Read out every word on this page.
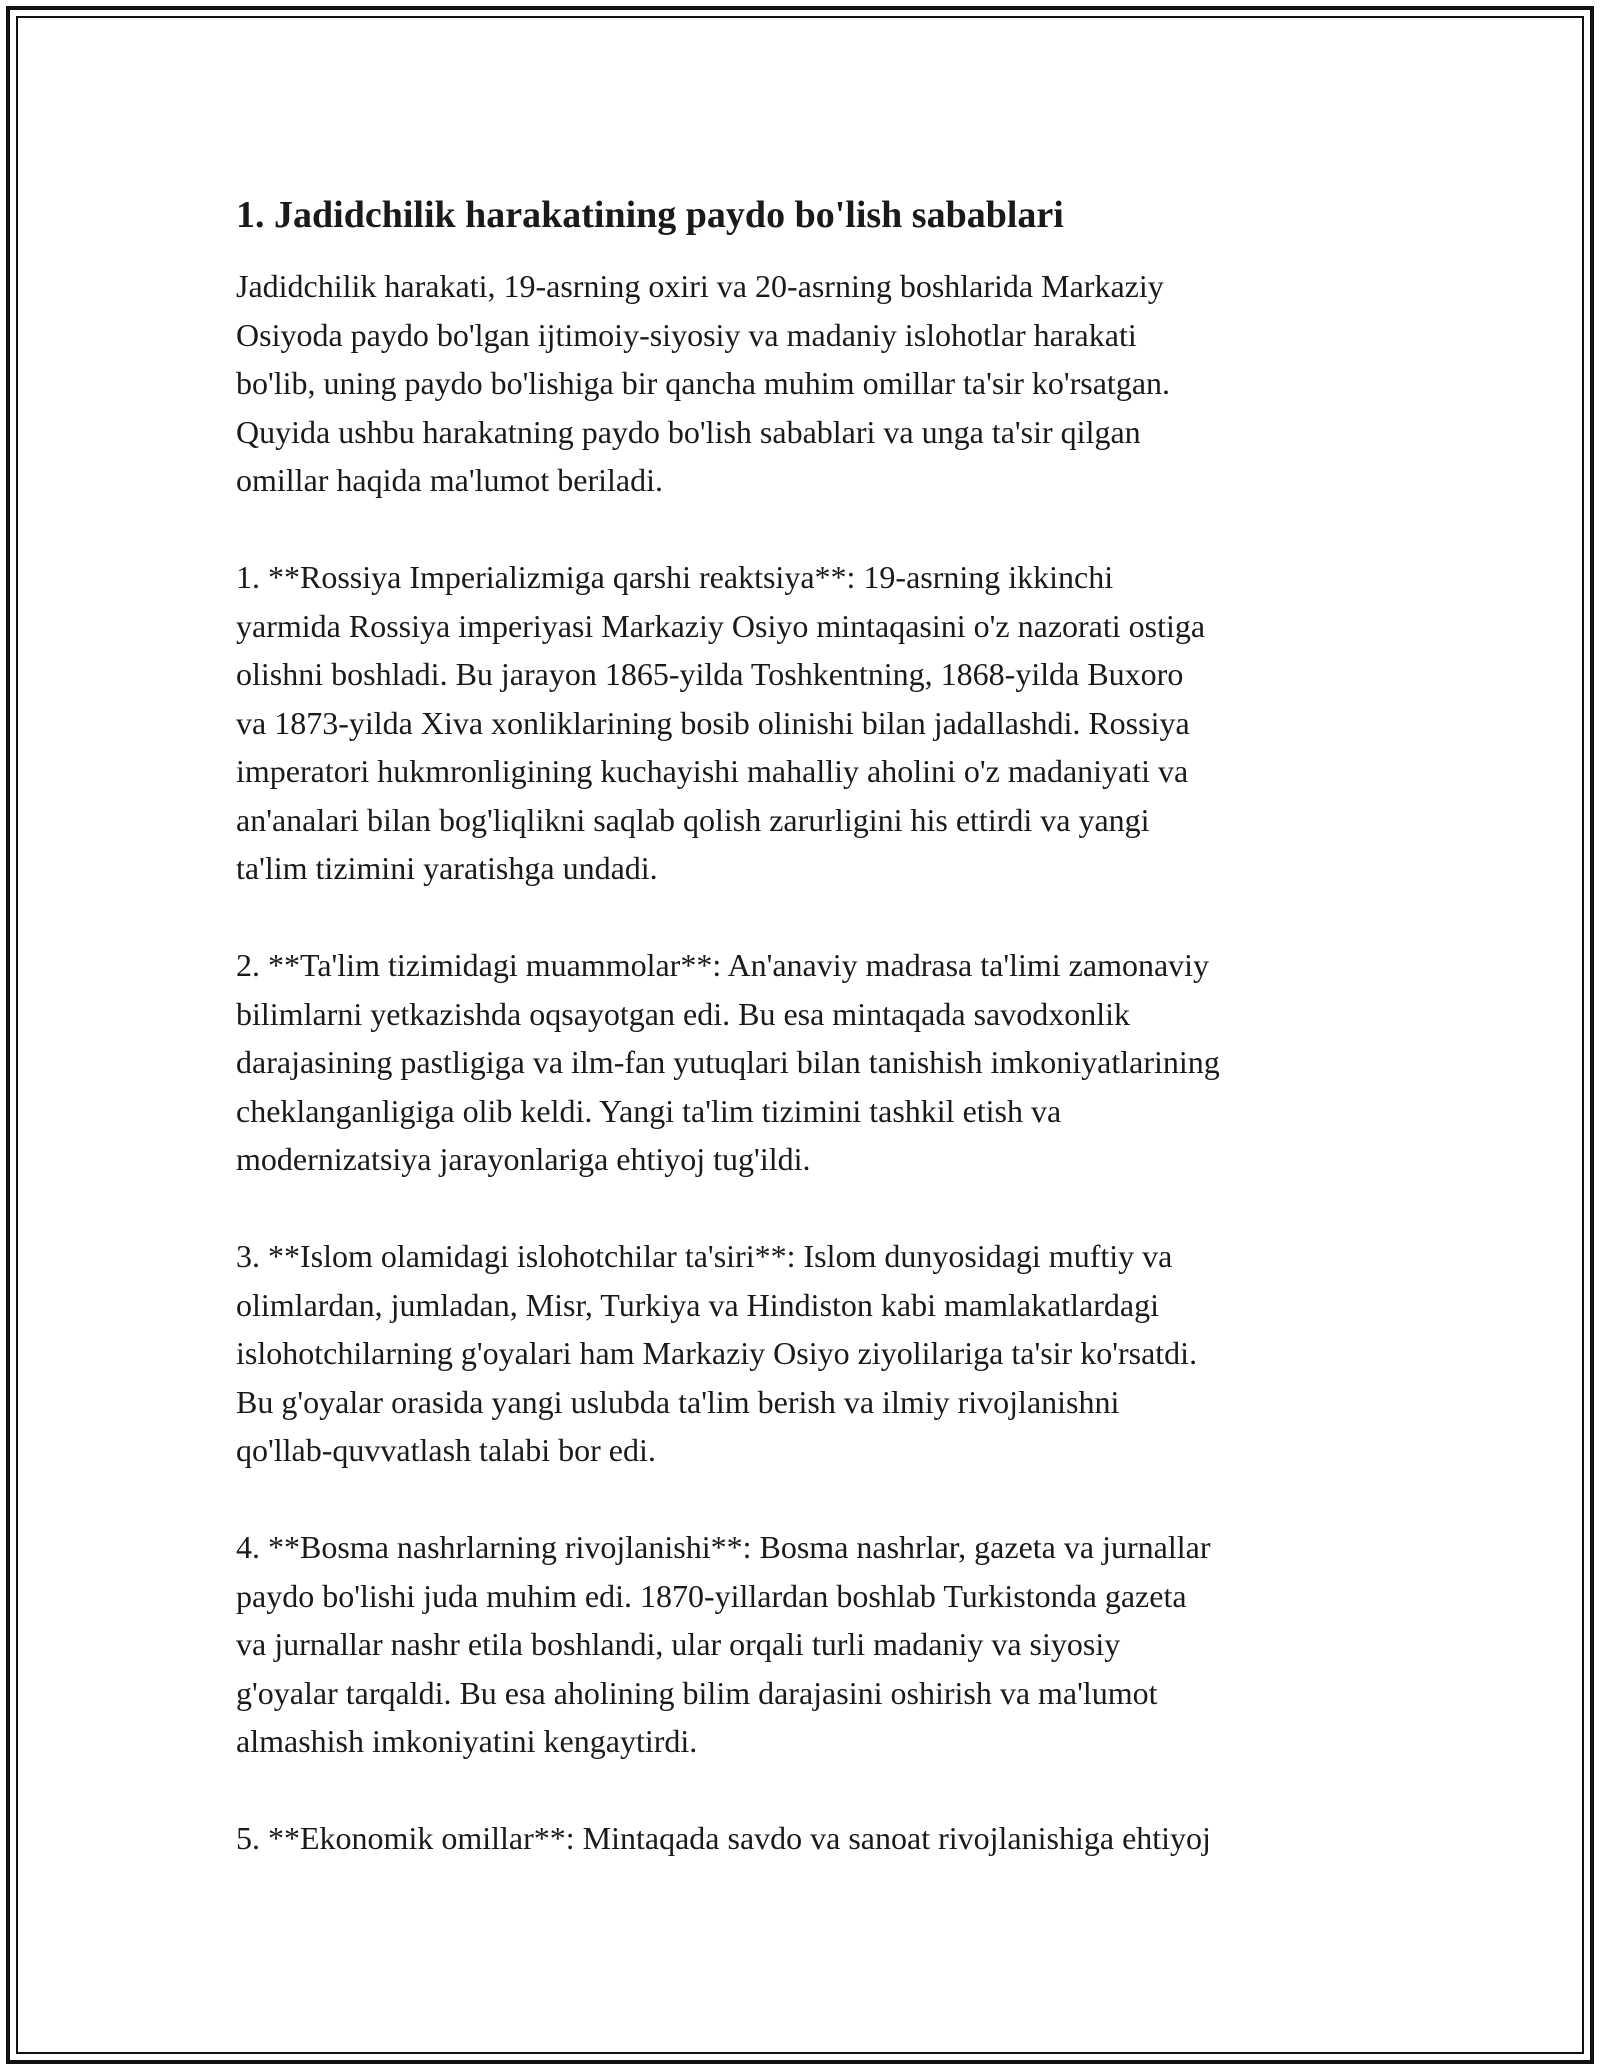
1. Jadidchilik harakatining paydo bo'lish sabablari

Jadidchilik harakati, 19-asrning oxiri va 20-asrning boshlarida Markaziy
Osiyoda paydo bo'lgan ijtimoiy-siyosiy va madaniy islohotlar harakati
bo'lib, uning paydo bo'lishiga bir qancha muhim omillar ta'sir ko'rsatgan.
Quyida ushbu harakatning paydo bo'lish sabablari va unga ta'sir qilgan
omillar haqida ma'lumot beriladi.

1. **Rossiya Imperializmiga qarshi reaktsiya**: 19-asrning ikkinchi
yarmida Rossiya imperiyasi Markaziy Osiyo mintaqasini o'z nazorati ostiga
olishni boshladi. Bu jarayon 1865-yilda Toshkentning, 1868-yilda Buxoro
va 1873-yilda Xiva xonliklarining bosib olinishi bilan jadallashdi. Rossiya
imperatori hukmronligining kuchayishi mahalliy aholini o'z madaniyati va
an'analari bilan bog'liqlikni saqlab qolish zarurligini his ettirdi va yangi
ta'lim tizimini yaratishga undadi.

2. **Ta'lim tizimidagi muammolar**: An'anaviy madrasa ta'limi zamonaviy
bilimlarni yetkazishda oqsayotgan edi. Bu esa mintaqada savodxonlik
darajasining pastligiga va ilm-fan yutuqlari bilan tanishish imkoniyatlarining
cheklanganligiga olib keldi. Yangi ta'lim tizimini tashkil etish va
modernizatsiya jarayonlariga ehtiyoj tug'ildi.

3. **Islom olamidagi islohotchilar ta'siri**: Islom dunyosidagi muftiy va
olimlardan, jumladan, Misr, Turkiya va Hindiston kabi mamlakatlardagi
islohotchilarning g'oyalari ham Markaziy Osiyo ziyolilariga ta'sir ko'rsatdi.
Bu g'oyalar orasida yangi uslubda ta'lim berish va ilmiy rivojlanishni
qo'llab-quvvatlash talabi bor edi.

4. **Bosma nashrlarning rivojlanishi**: Bosma nashrlar, gazeta va jurnallar
paydo bo'lishi juda muhim edi. 1870-yillardan boshlab Turkistonda gazeta
va jurnallar nashr etila boshlandi, ular orqali turli madaniy va siyosiy
g'oyalar tarqaldi. Bu esa aholining bilim darajasini oshirish va ma'lumot
almashish imkoniyatini kengaytirdi.

5. **Ekonomik omillar**: Mintaqada savdo va sanoat rivojlanishiga ehtiyoj
